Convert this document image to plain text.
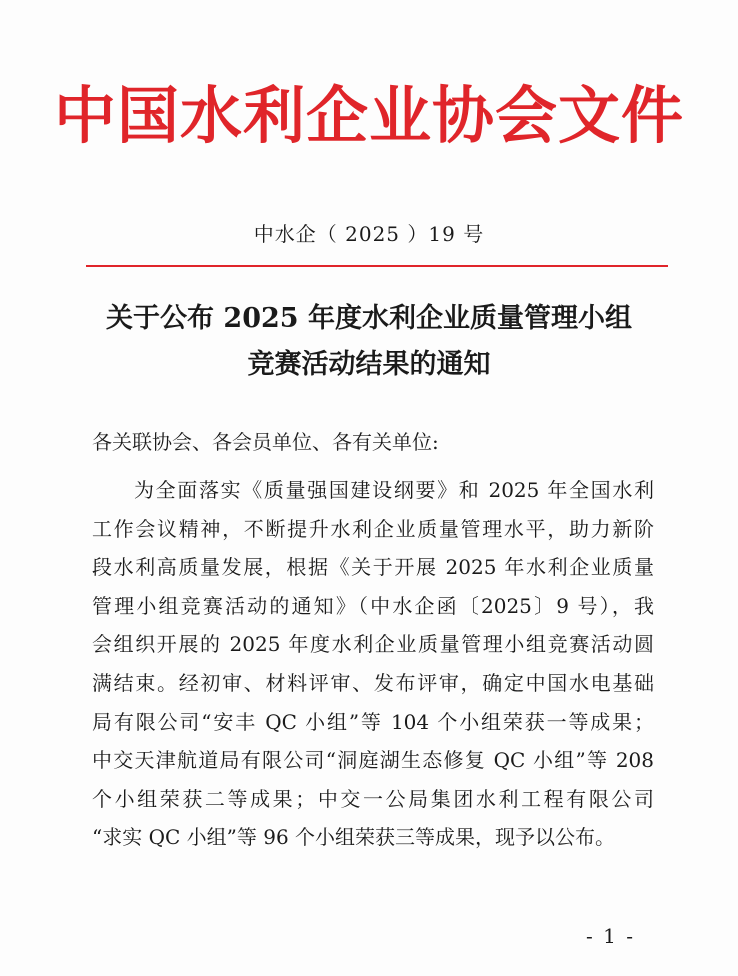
中国水利企业协会文件
中水企（ 2025 ）19 号
关于公布 2025 年度水利企业质量管理小组
竞赛活动结果的通知
各关联协会、各会员单位、各有关单位:
为全面落实《质量强国建设纲要》和 2025 年全国水利
工作会议精神，不断提升水利企业质量管理水平，助力新阶
段水利高质量发展，根据《关于开展 2025 年水利企业质量
管理小组竞赛活动的通知》（中水企函〔2025〕9 号），我
会组织开展的 2025 年度水利企业质量管理小组竞赛活动圆
满结束。经初审、材料评审、发布评审，确定中国水电基础
局有限公司“安丰 QC 小组”等 104 个小组荣获一等成果；
中交天津航道局有限公司“洞庭湖生态修复 QC 小组”等 208
个小组荣获二等成果；中交一公局集团水利工程有限公司
“求实 QC 小组”等 96 个小组荣获三等成果，现予以公布。
- 1 -
